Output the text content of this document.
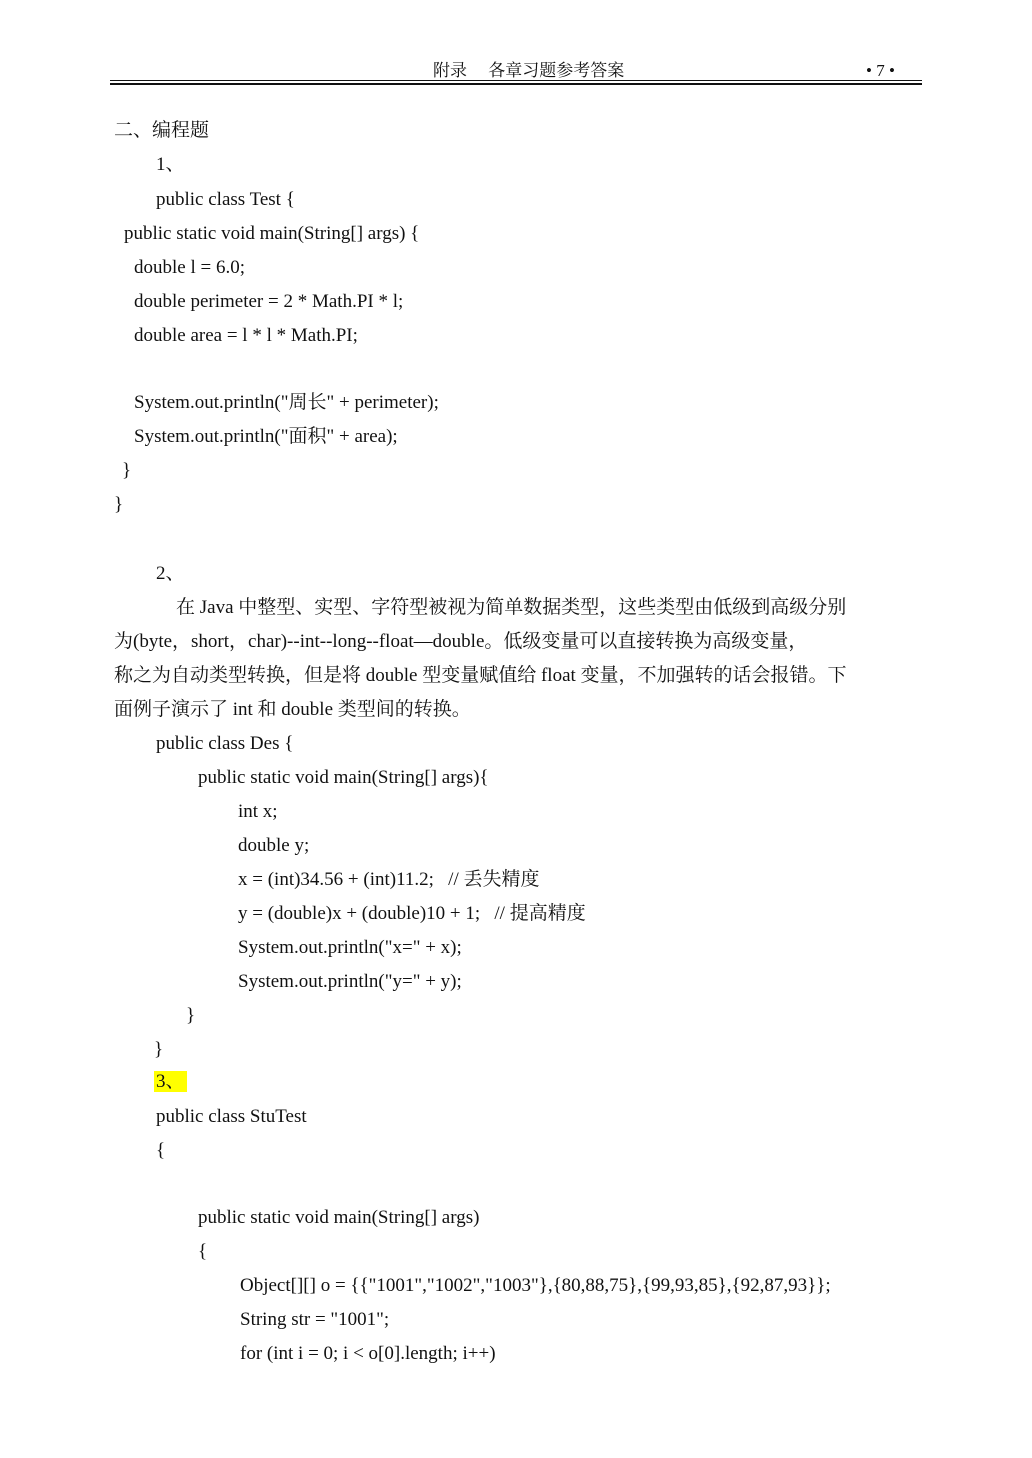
附录　 各章习题参考答案	• 7 •
二、编程题
1、
public class Test {
public static void main(String[] args) {
double l = 6.0;
double perimeter = 2 * Math.PI * l;
double area = l * l * Math.PI;
System.out.println("周长" + perimeter);
System.out.println("面积" + area);
}
}
2、
在 Java 中整型、实型、字符型被视为简单数据类型，这些类型由低级到高级分别
为(byte，short，char)--int--long--float—double。低级变量可以直接转换为高级变量，
称之为自动类型转换，但是将 double 型变量赋值给 float 变量，不加强转的话会报错。下
面例子演示了 int 和 double 类型间的转换。
public class Des {
public static void main(String[] args){
int x;
double y;
x = (int)34.56 + (int)11.2;   // 丢失精度
y = (double)x + (double)10 + 1;   // 提高精度
System.out.println("x=" + x);
System.out.println("y=" + y);
}
}
3、
public class StuTest
{
public static void main(String[] args)
{
Object[][] o = {{"1001","1002","1003"},{80,88,75},{99,93,85},{92,87,93}};
String str = "1001";
for (int i = 0; i < o[0].length; i++)
